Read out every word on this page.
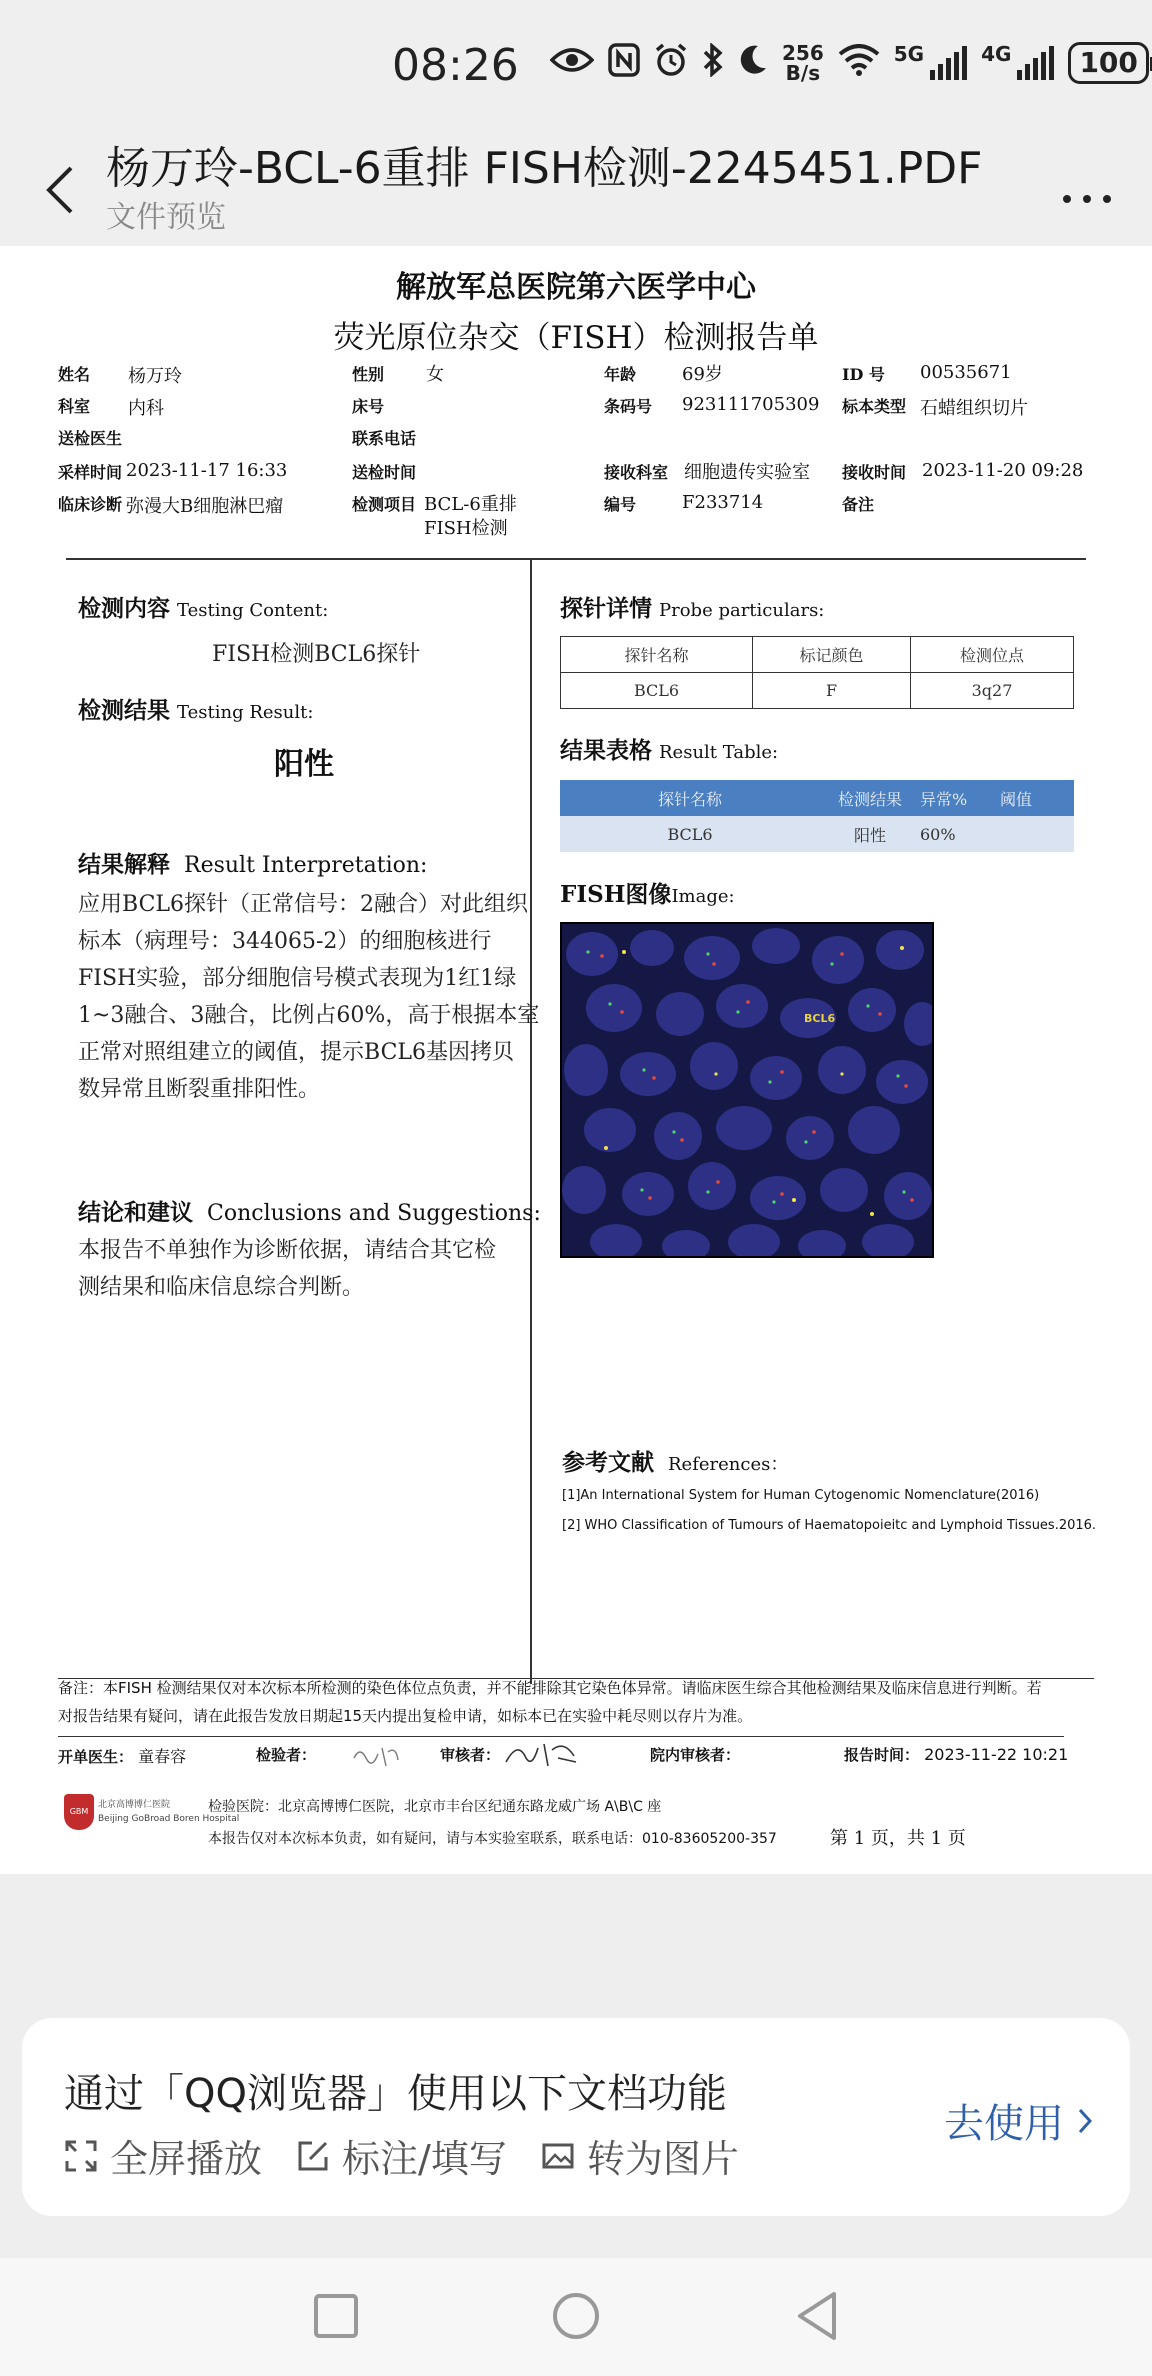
08:26	256
B/s
5G	4G	100
杨万玲-BCL-6重排 FISH检测-2245451.PDF
文件预览
解放军总医院第六医学中心
荧光原位杂交（FISH）检测报告单
姓名 杨万玲	性别 女	年龄	69岁	ID 号 00535671
科室 内科	床号	条码号 923111705309 标本类型 石蜡组织切片
送检医生	联系电话
采样时间 2023-11-17 16:33	送检时间	接收科室 细胞遗传实验室 接收时间 2023-11-20 09:28
临床诊断 弥漫大B细胞淋巴瘤	检测项目 BCL-6重排
FISH检测
编号	F233714	备注
检测内容 Testing Content:
FISH检测BCL6探针
检测结果 Testing Result:
阳性
结果解释 Result Interpretation:
应用BCL6探针（正常信号：2融合）对此组织
标本（病理号：344065-2）的细胞核进行
FISH实验，部分细胞信号模式表现为1红1绿
1~3融合、3融合，比例占60%，高于根据本室
正常对照组建立的阈值，提示BCL6基因拷贝
数异常且断裂重排阳性。
结论和建议 Conclusions and Suggestions:
本报告不单独作为诊断依据，请结合其它检
测结果和临床信息综合判断。
探针详情 Probe particulars:
探针名称	标记颜色	检测位点
BCL6	F	3q27
结果表格 Result Table:
探针名称	检测结果	异常%	阈值
BCL6	阳性	60%	
FISH图像Image:
BCL6
参考文献 References：
[1]An International System for Human Cytogenomic Nomenclature(2016)
[2] WHO Classification of Tumours of Haematopoieitc and Lymphoid Tissues.2016.
备注：本FISH 检测结果仅对本次标本所检测的染色体位点负责，并不能排除其它染色体异常。请临床医生综合其他检测结果及临床信息进行判断。若
对报告结果有疑问，请在此报告发放日期起15天内提出复检申请，如标本已在实验中耗尽则以存片为准。
开单医生： 童春容	检验者：	审核者：	院内审核者：	报告时间： 2023-11-22 10:21
GBM
北京高博博仁医院
Beijing GoBroad Boren Hospital
检验医院：北京高博博仁医院，北京市丰台区纪通东路龙威广场 A\B\C 座
本报告仅对本次标本负责，如有疑问，请与本实验室联系，联系电话：010-83605200-357	第 1 页，共 1 页
通过「QQ浏览器」使用以下文档功能
全屏播放 标注/填写 转为图片
去使用
